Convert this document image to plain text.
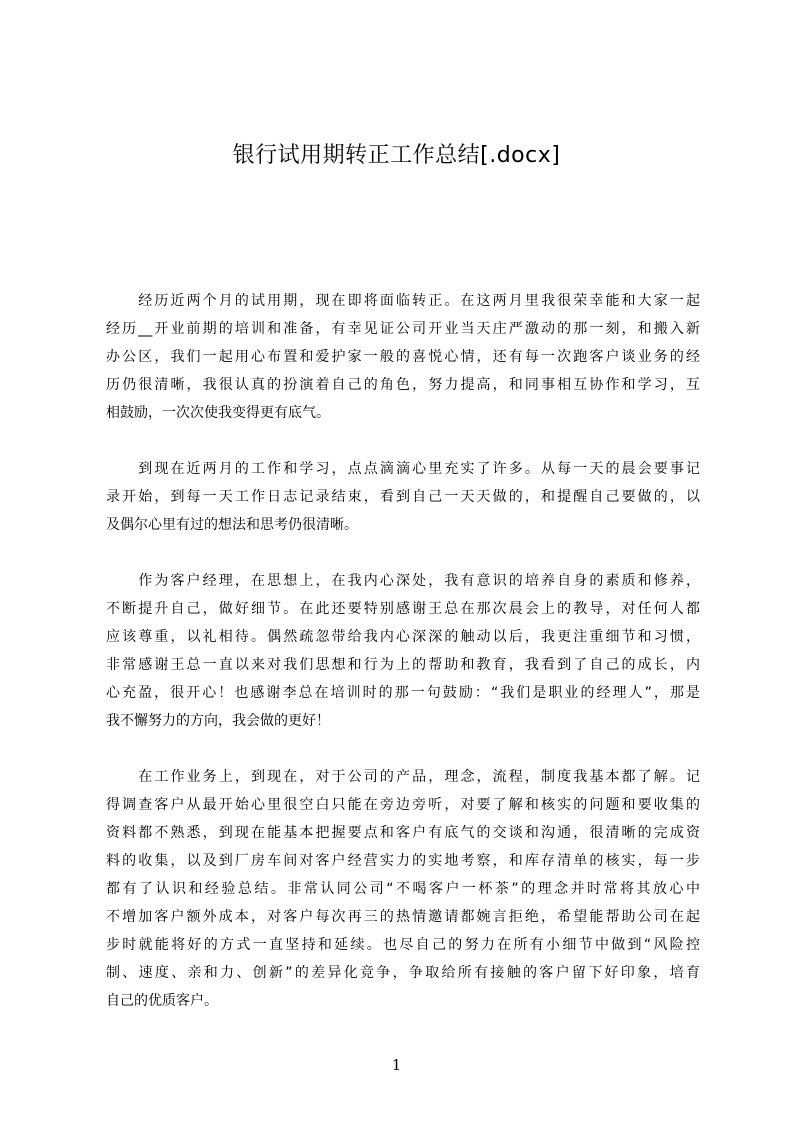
银行试用期转正工作总结[.docx]

　　经历近两个月的试用期，现在即将面临转正。在这两月里我很荣幸能和大家一起
经历__开业前期的培训和准备，有幸见证公司开业当天庄严激动的那一刻，和搬入新
办公区，我们一起用心布置和爱护家一般的喜悦心情，还有每一次跑客户谈业务的经
历仍很清晰，我很认真的扮演着自己的角色，努力提高，和同事相互协作和学习，互
相鼓励，一次次使我变得更有底气。

　　到现在近两月的工作和学习，点点滴滴心里充实了许多。从每一天的晨会要事记
录开始，到每一天工作日志记录结束，看到自己一天天做的，和提醒自己要做的，以
及偶尔心里有过的想法和思考仍很清晰。

　　作为客户经理，在思想上，在我内心深处，我有意识的培养自身的素质和修养，
不断提升自己，做好细节。在此还要特别感谢王总在那次晨会上的教导，对任何人都
应该尊重，以礼相待。偶然疏忽带给我内心深深的触动以后，我更注重细节和习惯，
非常感谢王总一直以来对我们思想和行为上的帮助和教育，我看到了自己的成长，内
心充盈，很开心！也感谢李总在培训时的那一句鼓励：“我们是职业的经理人”，那是
我不懈努力的方向，我会做的更好！

　　在工作业务上，到现在，对于公司的产品，理念，流程，制度我基本都了解。记
得调查客户从最开始心里很空白只能在旁边旁听，对要了解和核实的问题和要收集的
资料都不熟悉，到现在能基本把握要点和客户有底气的交谈和沟通，很清晰的完成资
料的收集，以及到厂房车间对客户经营实力的实地考察，和库存清单的核实，每一步
都有了认识和经验总结。非常认同公司“不喝客户一杯茶”的理念并时常将其放心中
不增加客户额外成本，对客户每次再三的热情邀请都婉言拒绝，希望能帮助公司在起
步时就能将好的方式一直坚持和延续。也尽自己的努力在所有小细节中做到“风险控
制、速度、亲和力、创新”的差异化竞争，争取给所有接触的客户留下好印象，培育
自己的优质客户。

1
